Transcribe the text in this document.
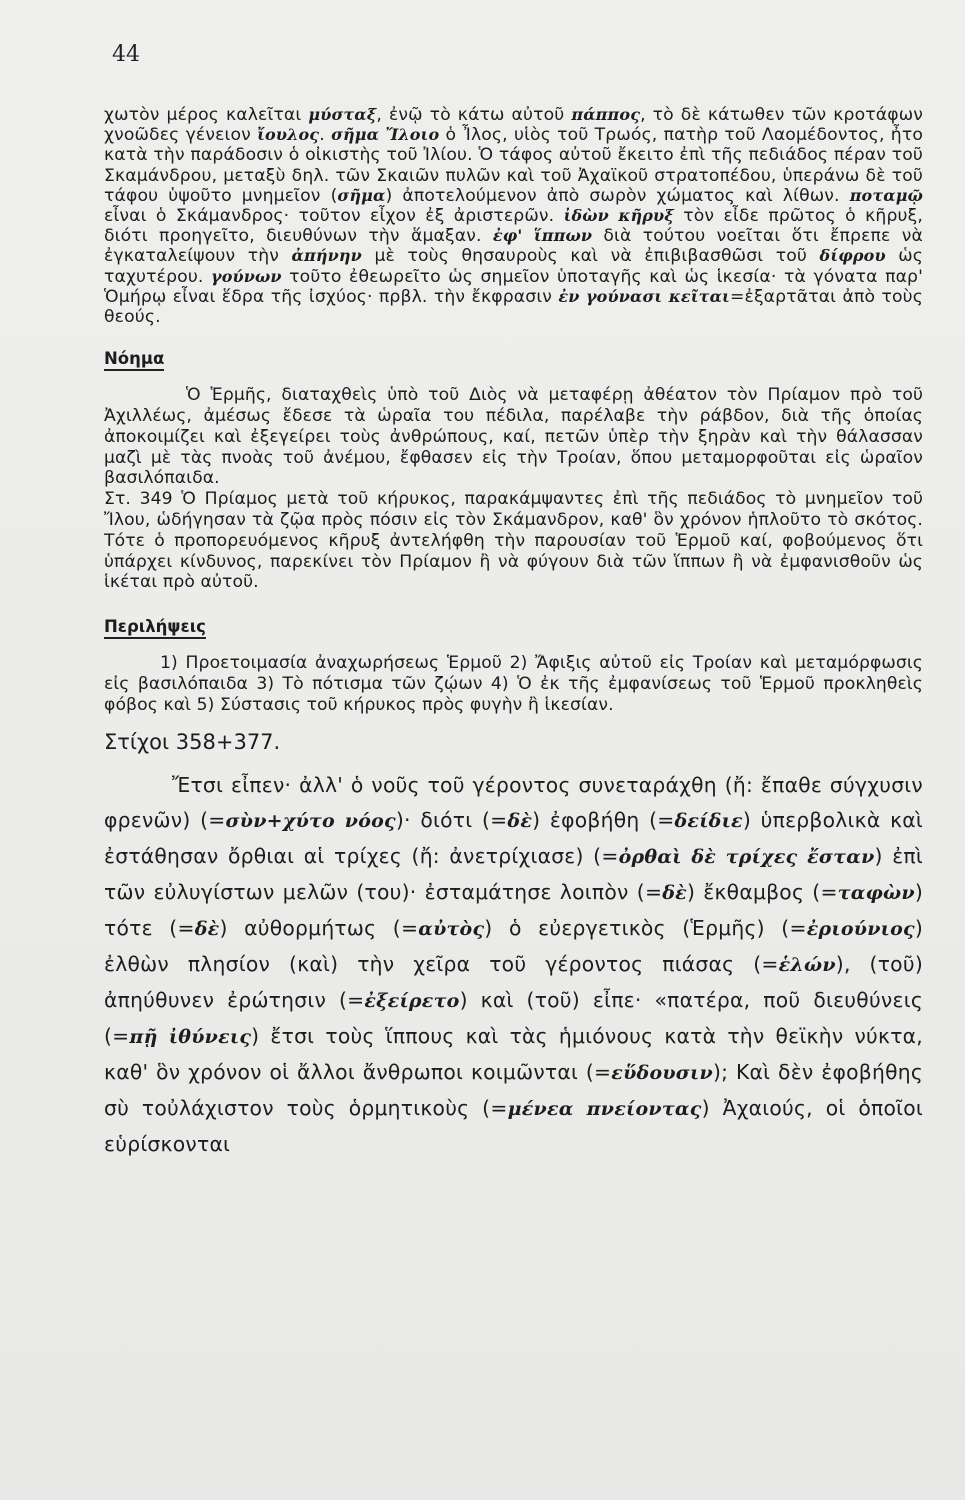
44

χωτὸν μέρος καλεῖται μύσταξ, ἐνῷ τὸ κάτω αὐτοῦ πάππος, τὸ δὲ κάτωθεν τῶν κροτάφων χνοῶδες γένειον ἴουλος. σῆμα Ἴλοιο ὁ Ἶλος, υἱὸς τοῦ Τρωός, πατὴρ τοῦ Λαομέδοντος, ἦτο κατὰ τὴν παράδοσιν ὁ οἰκιστὴς τοῦ Ἰλίου. Ὁ τάφος αὐτοῦ ἔκειτο ἐπὶ τῆς πεδιάδος πέραν τοῦ Σκαμάνδρου, μεταξὺ δηλ. τῶν Σκαιῶν πυλῶν καὶ τοῦ Ἀχαϊκοῦ στρατοπέδου, ὑπεράνω δὲ τοῦ τάφου ὑψοῦτο μνημεῖον (σῆμα) ἀποτελούμενον ἀπὸ σωρὸν χώματος καὶ λίθων. ποταμῷ εἶναι ὁ Σκάμανδρος· τοῦτον εἶχον ἐξ ἀριστερῶν. ἰδὼν κῆρυξ τὸν εἶδε πρῶτος ὁ κῆρυξ, διότι προηγεῖτο, διευθύνων τὴν ἅμαξαν. ἐφ' ἵππων διὰ τούτου νοεῖται ὅτι ἔπρεπε νὰ ἐγκαταλείψουν τὴν ἀπήνην μὲ τοὺς θησαυροὺς καὶ νὰ ἐπιβιβασθῶσι τοῦ δίφρου ὡς ταχυτέρου. γούνων τοῦτο ἐθεωρεῖτο ὡς σημεῖον ὑποταγῆς καὶ ὡς ἱκεσία· τὰ γόνατα παρ' Ὁμήρῳ εἶναι ἕδρα τῆς ἰσχύος· πρβλ. τὴν ἔκφρασιν ἐν γούνασι κεῖται=ἐξαρτᾶται ἀπὸ τοὺς θεούς.

Νόημα

Ὁ Ἑρμῆς, διαταχθεὶς ὑπὸ τοῦ Διὸς νὰ μεταφέρῃ ἀθέατον τὸν Πρίαμον πρὸ τοῦ Ἀχιλλέως, ἀμέσως ἔδεσε τὰ ὡραῖα του πέδιλα, παρέλαβε τὴν ράβδον, διὰ τῆς ὁποίας ἀποκοιμίζει καὶ ἐξεγείρει τοὺς ἀνθρώπους, καί, πετῶν ὑπὲρ τὴν ξηρὰν καὶ τὴν θάλασσαν μαζὶ μὲ τὰς πνοὰς τοῦ ἀνέμου, ἔφθασεν εἰς τὴν Τροίαν, ὅπου μεταμορφοῦται εἰς ὡραῖον βασιλόπαιδα.

Στ. 349 Ὁ Πρίαμος μετὰ τοῦ κήρυκος, παρακάμψαντες ἐπὶ τῆς πεδιάδος τὸ μνημεῖον τοῦ Ἴλου, ὡδήγησαν τὰ ζῷα πρὸς πόσιν εἰς τὸν Σκάμανδρον, καθ' ὃν χρόνον ἡπλοῦτο τὸ σκότος. Τότε ὁ προπορευόμενος κῆρυξ ἀντελήφθη τὴν παρουσίαν τοῦ Ἑρμοῦ καί, φοβούμενος ὅτι ὑπάρχει κίνδυνος, παρεκίνει τὸν Πρίαμον ἢ νὰ φύγουν διὰ τῶν ἵππων ἢ νὰ ἐμφανισθοῦν ὡς ἱκέται πρὸ αὐτοῦ.

Περιλήψεις

1) Προετοιμασία ἀναχωρήσεως Ἑρμοῦ 2) Ἄφιξις αὐτοῦ εἰς Τροίαν καὶ μεταμόρφωσις εἰς βασιλόπαιδα 3) Τὸ πότισμα τῶν ζῴων 4) Ὁ ἐκ τῆς ἐμφανίσεως τοῦ Ἑρμοῦ προκληθεὶς φόβος καὶ 5) Σύστασις τοῦ κήρυκος πρὸς φυγὴν ἢ ἱκεσίαν.

Στίχοι 358+377.

Ἔτσι εἶπεν· ἀλλ' ὁ νοῦς τοῦ γέροντος συνεταράχθη (ἤ: ἔπαθε σύγχυσιν φρενῶν) (=σὺν+χύτο νόος)· διότι (=δὲ) ἐφοβήθη (=δείδιε) ὑπερβολικὰ καὶ ἐστάθησαν ὄρθιαι αἱ τρίχες (ἤ: ἀνετρίχιασε) (=ὀρθαὶ δὲ τρίχες ἔσταν) ἐπὶ τῶν εὐλυγίστων μελῶν (του)· ἐσταμάτησε λοιπὸν (=δὲ) ἔκθαμβος (=ταφὼν) τότε (=δὲ) αὐθορμήτως (=αὐτὸς) ὁ εὐεργετικὸς (Ἑρμῆς) (=ἐριούνιος) ἐλθὼν πλησίον (καὶ) τὴν χεῖρα τοῦ γέροντος πιάσας (=ἑλών), (τοῦ) ἀπηύθυνεν ἐρώτησιν (=ἐξείρετο) καὶ (τοῦ) εἶπε· «πατέρα, ποῦ διευθύνεις (=πῇ ἰθύνεις) ἔτσι τοὺς ἵππους καὶ τὰς ἡμιόνους κατὰ τὴν θεϊκὴν νύκτα, καθ' ὃν χρόνον οἱ ἄλλοι ἄνθρωποι κοιμῶνται (=εὕδουσιν); Καὶ δὲν ἐφοβήθης σὺ τοὐλάχιστον τοὺς ὁρμητικοὺς (=μένεα πνείοντας) Ἀχαιούς, οἱ ὁποῖοι εὑρίσκονται
